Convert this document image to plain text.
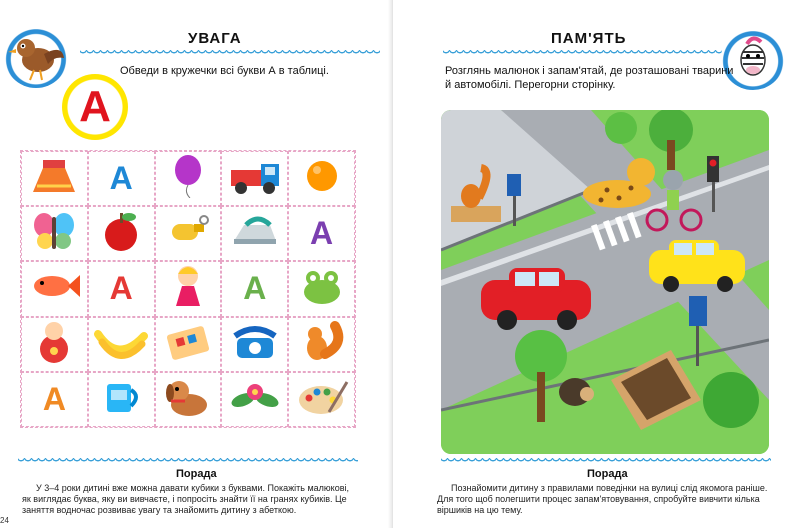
УВАГА
Обведи в кружечки всі букви А в таблиці.
А
А
А
А	А
А
Порада
У 3–4 роки дитині вже можна давати кубики з буквами. Покажіть малюкові, як виглядає буква, яку ви вивчаєте, і попросіть знайти її на гранях кубиків. Це заняття водночас розвиває увагу та знайомить дитину з абеткою.
24
ПАМ'ЯТЬ
Розглянь малюнок і запам'ятай, де розташовані тварини й автомобілі. Перегорни сторінку.
Порада
Познайомити дитину з правилами поведінки на вулиці слід якомога раніше. Для того щоб полегшити процес запам'ятовування, спробуйте вивчити кілька віршиків на цю тему.
